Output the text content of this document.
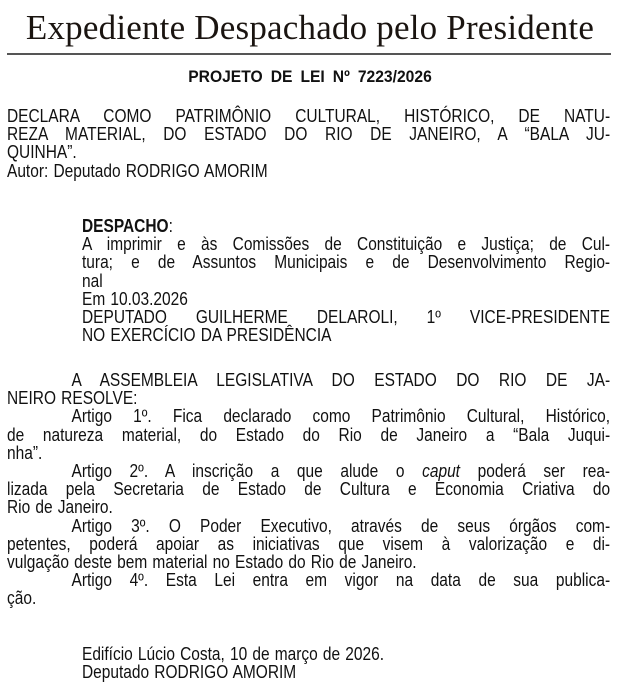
Expediente Despachado pelo Presidente
PROJETO DE LEI Nº 7223/2026
DECLARA COMO PATRIMÔNIO CULTURAL, HISTÓRICO, DE NATU-
REZA MATERIAL, DO ESTADO DO RIO DE JANEIRO, A “BALA JU-
QUINHA”.
Autor: Deputado RODRIGO AMORIM
DESPACHO:
A imprimir e às Comissões de Constituição e Justiça; de Cul-
tura; e de Assuntos Municipais e de Desenvolvimento Regio-
nal
Em 10.03.2026
DEPUTADO GUILHERME DELAROLI, 1º VICE-PRESIDENTE
NO EXERCÍCIO DA PRESIDÊNCIA
A ASSEMBLEIA LEGISLATIVA DO ESTADO DO RIO DE JA-
NEIRO RESOLVE:
Artigo 1º. Fica declarado como Patrimônio Cultural, Histórico,
de natureza material, do Estado do Rio de Janeiro a “Bala Juqui-
nha”.
Artigo 2º. A inscrição a que alude o caput poderá ser rea-
lizada pela Secretaria de Estado de Cultura e Economia Criativa do
Rio de Janeiro.
Artigo 3º. O Poder Executivo, através de seus órgãos com-
petentes, poderá apoiar as iniciativas que visem à valorização e di-
vulgação deste bem material no Estado do Rio de Janeiro.
Artigo 4º. Esta Lei entra em vigor na data de sua publica-
ção.
Edifício Lúcio Costa, 10 de março de 2026.
Deputado RODRIGO AMORIM
